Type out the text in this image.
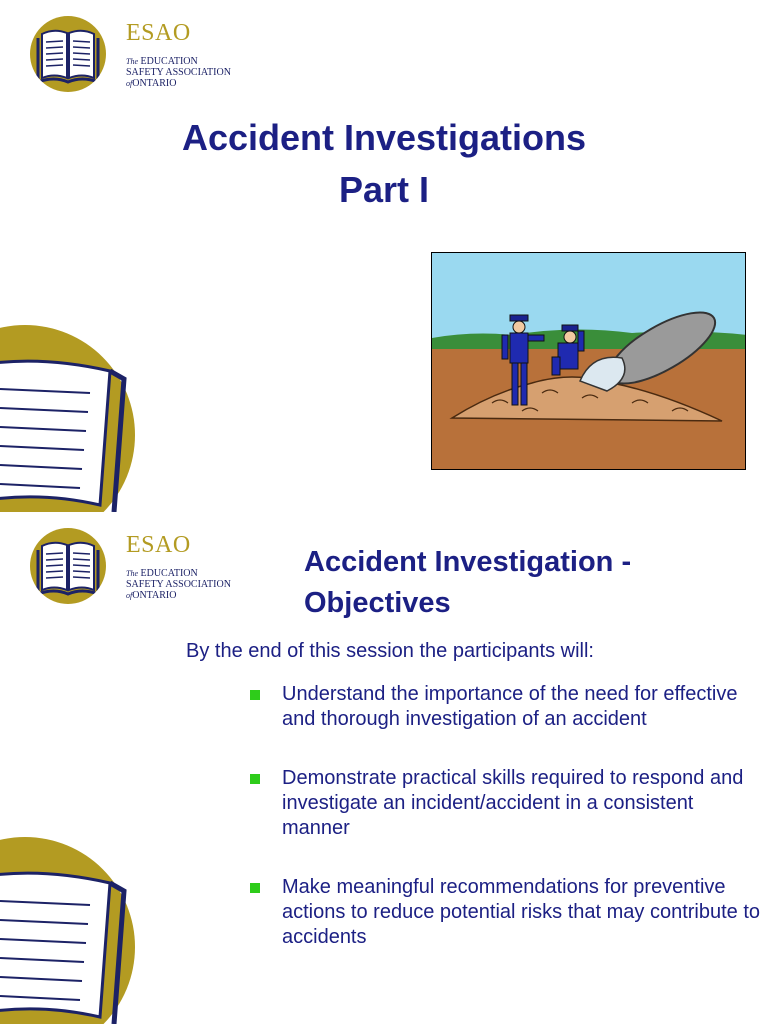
ESAO
The EDUCATION
SAFETY ASSOCIATION
ofONTARIO
Accident Investigations
Part I
ESAO
The EDUCATION
SAFETY ASSOCIATION
ofONTARIO
Accident Investigation -
Objectives
By the end of this session the participants will:
Understand the importance of the need for effective and thorough investigation of an accident
Demonstrate practical skills required to respond and investigate an incident/accident in a consistent manner
Make meaningful recommendations for preventive actions to reduce potential risks that may contribute to accidents
